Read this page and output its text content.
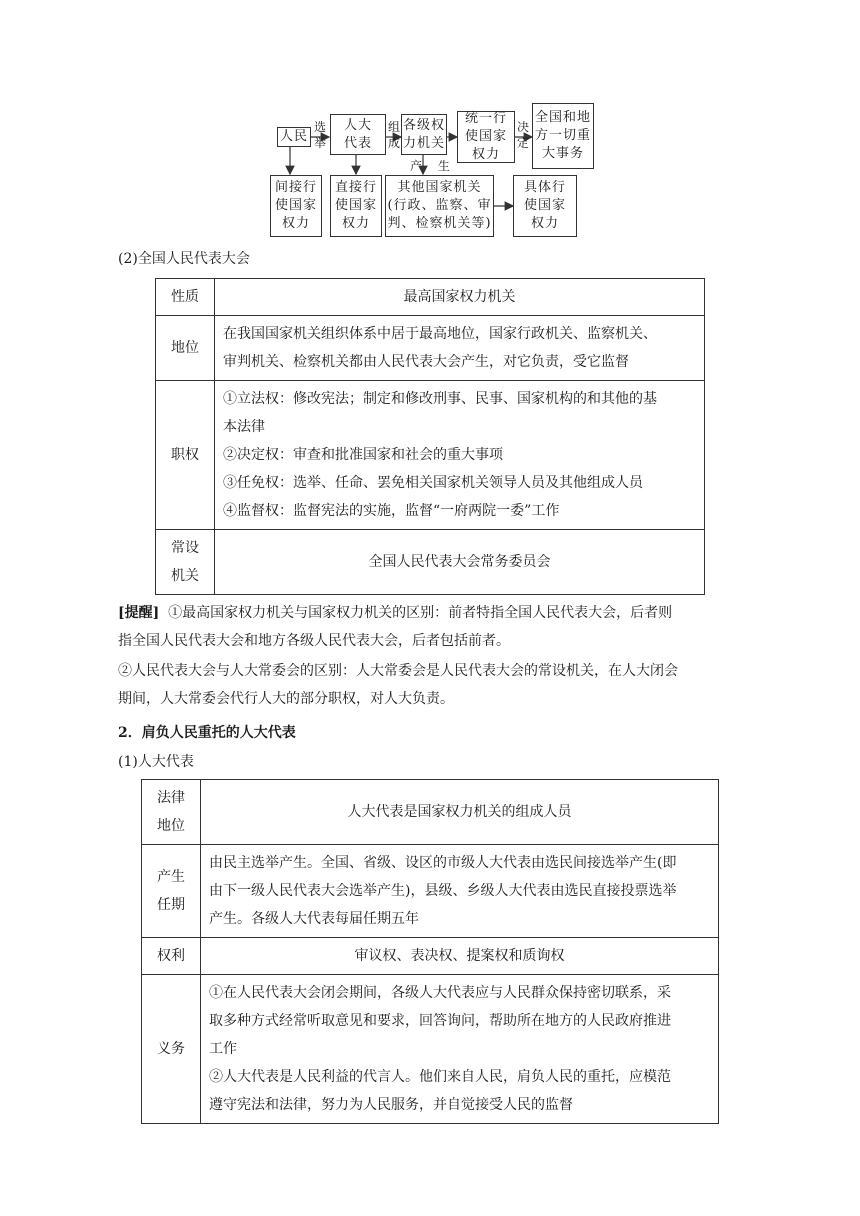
人民
选
举
人大
代表
组
成
各级权
力机关
统一行
使国家
权力
决
定
全国和地
方一切重
大事务
产 生
间接行
使国家
权力
直接行
使国家
权力
其他国家机关
(行政、监察、审
判、检察机关等)
具体行
使国家
权力
(2)全国人民代表大会
性质	最高国家权力机关

地位	在我国国家机关组织体系中居于最高地位，国家行政机关、监察机关、
审判机关、检察机关都由人民代表大会产生，对它负责，受它监督

职权	①立法权：修改宪法；制定和修改刑事、民事、国家机构的和其他的基
本法律
②决定权：审查和批准国家和社会的重大事项
③任免权：选举、任命、罢免相关国家机关领导人员及其他组成人员
④监督权：监督宪法的实施，监督“一府两院一委”工作

常设
机关	全国人民代表大会常务委员会
[提醒] ①最高国家权力机关与国家权力机关的区别：前者特指全国人民代表大会，后者则
指全国人民代表大会和地方各级人民代表大会，后者包括前者。
②人民代表大会与人大常委会的区别：人大常委会是人民代表大会的常设机关，在人大闭会
期间，人大常委会代行人大的部分职权，对人大负责。
2．肩负人民重托的人大代表
(1)人大代表
法律
地位	人大代表是国家权力机关的组成人员

产生
任期	由民主选举产生。全国、省级、设区的市级人大代表由选民间接选举产生(即
由下一级人民代表大会选举产生)，县级、乡级人大代表由选民直接投票选举
产生。各级人大代表每届任期五年

权利	审议权、表决权、提案权和质询权

义务	①在人民代表大会闭会期间，各级人大代表应与人民群众保持密切联系，采
取多种方式经常听取意见和要求，回答询问，帮助所在地方的人民政府推进
工作
②人大代表是人民利益的代言人。他们来自人民，肩负人民的重托，应模范
遵守宪法和法律，努力为人民服务，并自觉接受人民的监督
